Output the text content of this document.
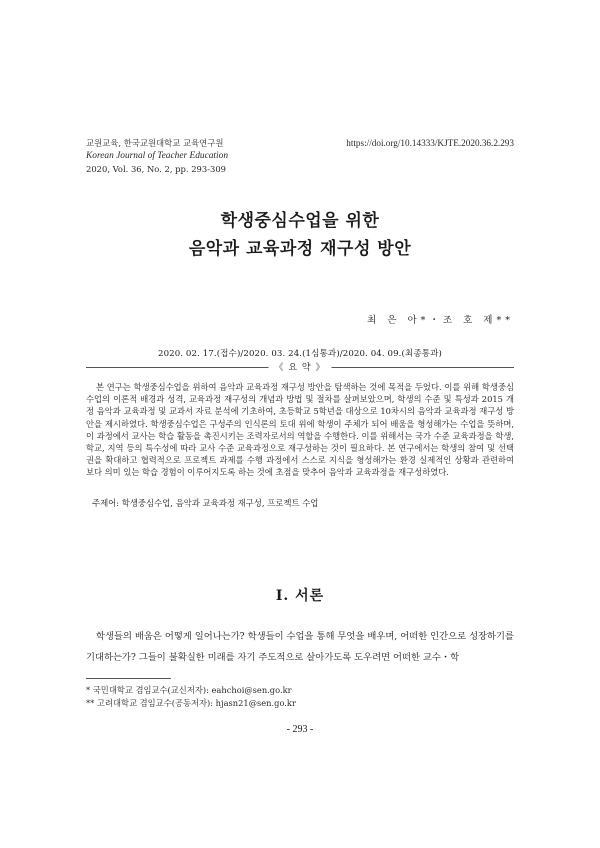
교원교육, 한국교원대학교 교육연구원
Korean Journal of Teacher Education
2020, Vol. 36, No. 2, pp. 293-309
https://doi.org/10.14333/KJTE.2020.36.2.293
학생중심수업을 위한
음악과 교육과정 재구성 방안
최 은 아*・조 호 제**
2020. 02. 17.(접수)/2020. 03. 24.(1심통과)/2020. 04. 09.(최종통과)
《 요 약 》
본 연구는 학생중심수업을 위하여 음악과 교육과정 재구성 방안을 탐색하는 것에 목적을 두었다. 이를 위해 학생중심수업의 이론적 배경과 성격, 교육과정 재구성의 개념과 방법 및 절차를 살펴보았으며, 학생의 수준 및 특성과 2015 개정 음악과 교육과정 및 교과서 자료 분석에 기초하여, 초등학교 5학년을 대상으로 10차시의 음악과 교육과정 재구성 방안을 제시하였다. 학생중심수업은 구성주의 인식론의 토대 위에 학생이 주체가 되어 배움을 형성해가는 수업을 뜻하며, 이 과정에서 교사는 학습 활동을 촉진시키는 조력자로서의 역할을 수행한다. 이를 위해서는 국가 수준 교육과정을 학생, 학교, 지역 등의 특수성에 따라 교사 수준 교육과정으로 재구성하는 것이 필요하다. 본 연구에서는 학생의 참여 및 선택권을 확대하고 협력적으로 프로젝트 과제를 수행 과정에서 스스로 지식을 형성해가는 환경 실제적인 상황과 관련하여 보다 의미 있는 학습 경험이 이루어지도록 하는 것에 초점을 맞추어 음악과 교육과정을 재구성하였다.
주제어: 학생중심수업, 음악과 교육과정 재구성, 프로젝트 수업
Ⅰ. 서론
학생들의 배움은 어떻게 일어나는가? 학생들이 수업을 통해 무엇을 배우며, 어떠한 인간으로 성장하기를 기대하는가? 그들이 불확실한 미래를 자기 주도적으로 살아가도록 도우려면 어떠한 교수・학
* 국민대학교 겸임교수(교신저자): eahchoi@sen.go.kr
** 고려대학교 겸임교수(공동저자): hjasn21@sen.go.kr
- 293 -
